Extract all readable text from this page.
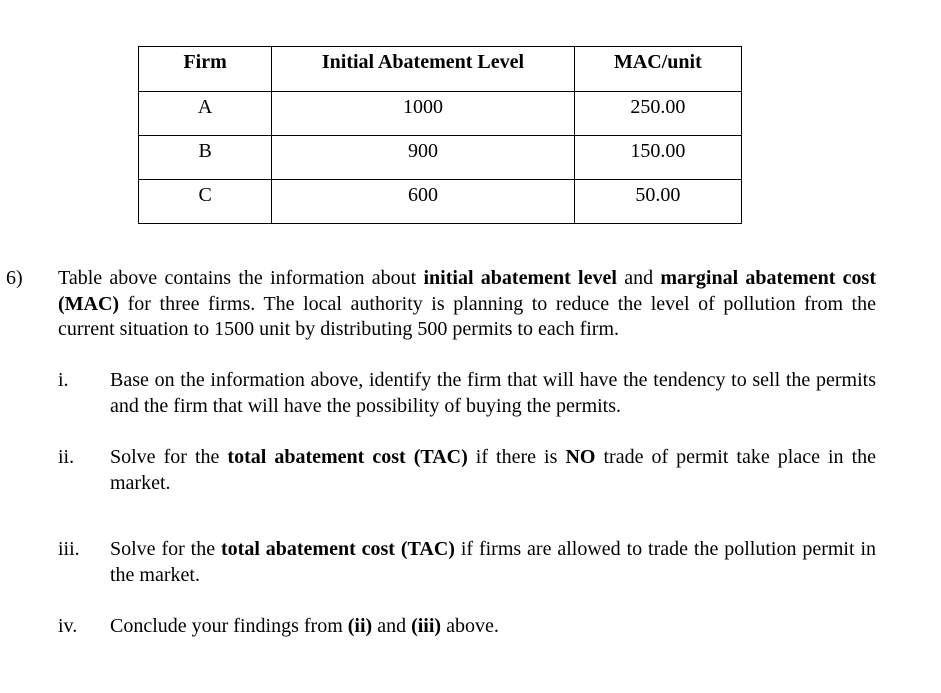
Firm	Initial Abatement Level	MAC/unit
A	1000	250.00
B	900	150.00
C	600	50.00
6) Table above contains the information about initial abatement level and marginal abatement cost (MAC) for three firms. The local authority is planning to reduce the level of pollution from the current situation to 1500 unit by distributing 500 permits to each firm.
i. Base on the information above, identify the firm that will have the tendency to sell the permits and the firm that will have the possibility of buying the permits.
ii. Solve for the total abatement cost (TAC) if there is NO trade of permit take place in the market.
iii. Solve for the total abatement cost (TAC) if firms are allowed to trade the pollution permit in the market.
iv. Conclude your findings from (ii) and (iii) above.
